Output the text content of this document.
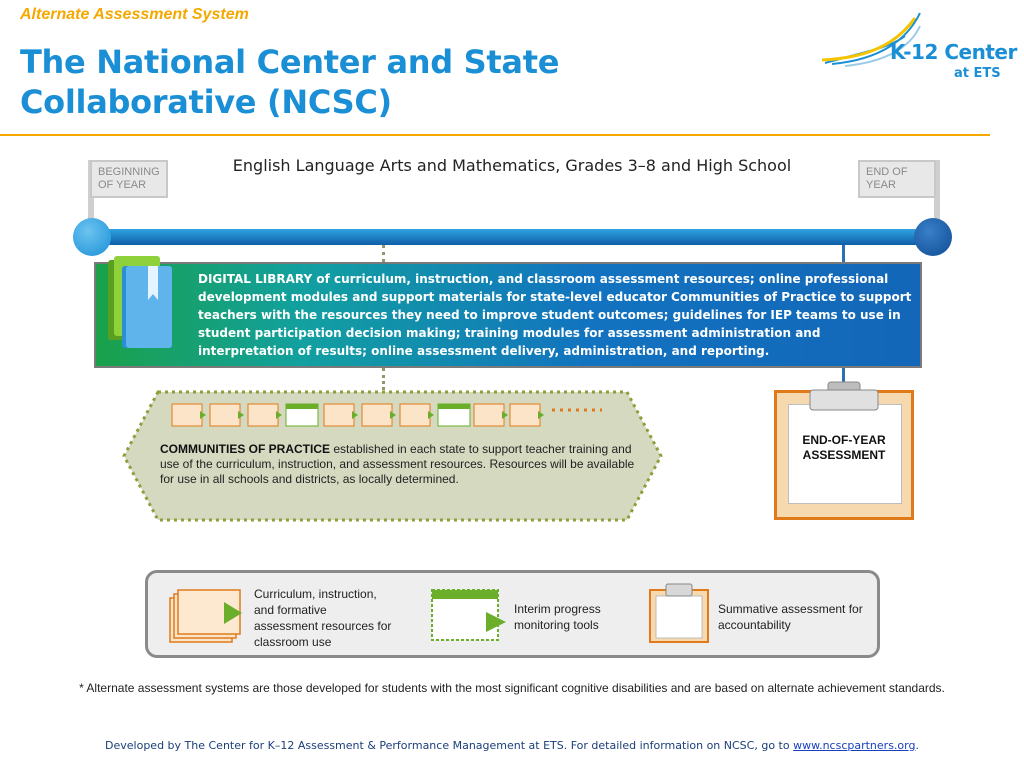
Alternate Assessment System
The National Center and State Collaborative (NCSC)
K-12 Center
at ETS
English Language Arts and Mathematics, Grades 3–8 and High School
BEGINNING OF YEAR
END OF YEAR
DIGITAL LIBRARY of curriculum, instruction, and classroom assessment resources; online professional development modules and support materials for state-level educator Communities of Practice to support teachers with the resources they need to improve student outcomes; guidelines for IEP teams to use in student participation decision making; training modules for assessment administration and interpretation of results; online assessment delivery, administration, and reporting.
COMMUNITIES OF PRACTICE established in each state to support teacher training and use of the curriculum, instruction, and assessment resources. Resources will be available for use in all schools and districts, as locally determined.
END-OF-YEAR ASSESSMENT
Curriculum, instruction, and formative assessment resources for classroom use
Interim progress monitoring tools
Summative assessment for accountability
* Alternate assessment systems are those developed for students with the most significant cognitive disabilities and are based on alternate achievement standards.
Developed by The Center for K–12 Assessment & Performance Management at ETS. For detailed information on NCSC, go to www.ncscpartners.org.
